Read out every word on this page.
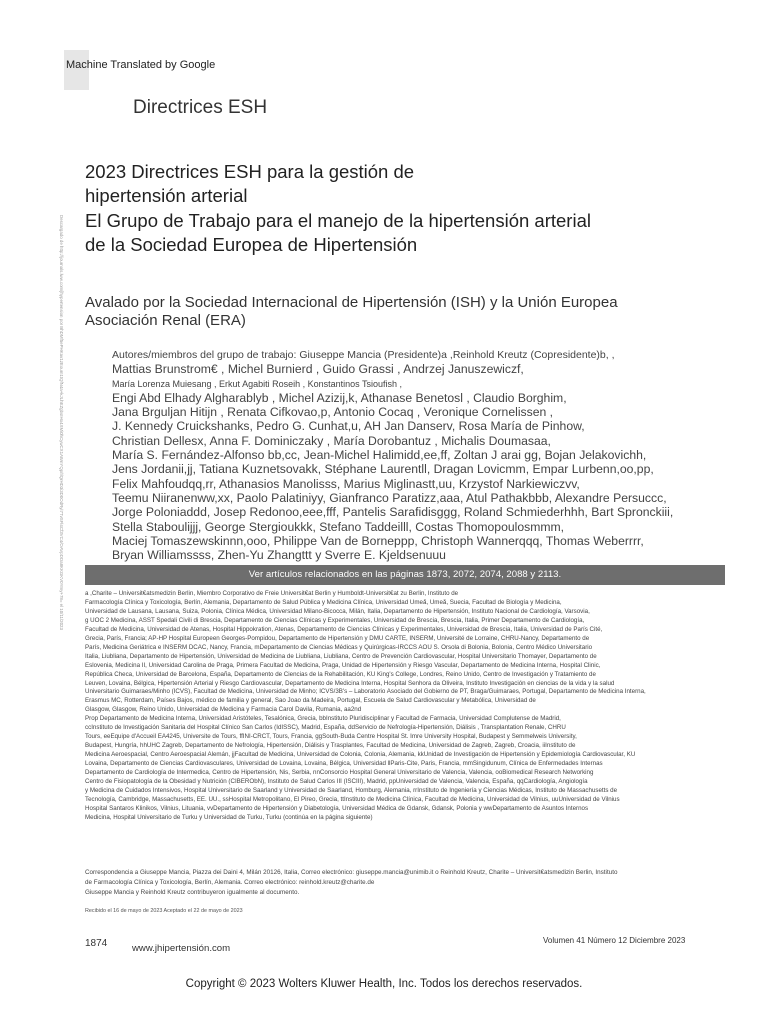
Machine Translated by Google
Directrices ESH
2023 Directrices ESH para la gestión de
hipertensión arterial
El Grupo de Trabajo para el manejo de la hipertensión arterial
de la Sociedad Europea de Hipertensión
Avalado por la Sociedad Internacional de Hipertensión (ISH) y la Unión Europea
Asociación Renal (ERA)
Autores/miembros del grupo de trabajo: Giuseppe Mancia (Presidente)a ,Reinhold Kreutz (Copresidente)b, ,
Mattias Brunstrom€ , Michel Burnierd , Guido Grassi , Andrzej Januszewiczf,
María Lorenza Muiesang , Erkut Agabiti Roseih , Konstantinos Tsioufish ,
Engi Abd Elhady Algharablyb , Michel Azizij,k, Athanase Benetosl , Claudio Borghim,
Jana Brguljan Hitijn , Renata Cifkovao,p, Antonio Cocaq , Veronique Cornelissen ,
J. Kennedy Cruickshanks, Pedro G. Cunhat,u, AH Jan Danserv, Rosa María de Pinhow,
Christian Dellesx, Anna F. Dominiczaky , María Dorobantuz , Michalis Doumasaa,
María S. Fernández-Alfonso bb,cc, Jean-Michel Halimidd,ee,ff, Zoltan J arai gg, Bojan Jelakovichh,
Jens Jordanii,jj, Tatiana Kuznetsovakk, Stéphane Laurentll, Dragan Lovicmm, Empar Lurbenn,oo,pp,
Felix Mahfoudqq,rr, Athanasios Manolisss, Marius Miglinastt,uu, Krzystof Narkiewiczvv,
Teemu Niiranenww,xx, Paolo Palatiniyy, Gianfranco Paratizz,aaa, Atul Pathakbbb, Alexandre Persuccc,
Jorge Poloniaddd, Josep Redonoo,eee,fff, Pantelis Sarafidisggg, Roland Schmiederhhh, Bart Spronckiii,
Stella Staboulijjj, George Stergioukkk, Stefano Taddeilll, Costas Thomopoulosmmm,
Maciej Tomaszewskinnn,ooo, Philippe Van de Borneppp, Christoph Wannerqqq, Thomas Weberrrr,
Bryan Williamssss, Zhen-Yu Zhangttt y Sverre E. Kjeldsenuuu
Ver artículos relacionados en las páginas 1873, 2072, 2074, 2088 y 2113.
a ,Charite – Universit€atsmedizin Berlin, Miembro Corporativo de Freie Universit€at Berlin y Humboldt-Universit€at zu Berlin, Instituto de
Farmacología Clínica y Toxicología, Berlín, Alemania, Departamento de Salud Pública y Medicina Clínica, Universidad Umeå, Umeå, Suecia, Facultad de Biología y Medicina,
Universidad de Lausana, Lausana, Suiza, Polonia, Clínica Médica, Universidad Milano-Bicocca, Milán, Italia, Departamento de Hipertensión, Instituto Nacional de Cardiología, Varsovia,
g UOC 2 Medicina, ASST Spedali Civili di Brescia, Departamento de Ciencias Clínicas y Experimentales, Universidad de Brescia, Brescia, Italia, Primer Departamento de Cardiología,
Facultad de Medicina, Universidad de Atenas, Hospital Hippokration, Atenas, Departamento de Ciencias Clínicas y Experimentales, Universidad de Brescia, Italia, Universidad de París Cité,
Grecia, París, Francia; AP-HP Hospital Europeen Georges-Pompidou, Departamento de Hipertensión y DMU CARTE, INSERM, Université de Lorraine, CHRU-Nancy, Departamento de
París, Medicina Geriátrica e INSERM DCAC, Nancy, Francia, mDepartamento de Ciencias Médicas y Quirúrgicas-IRCCS AOU S. Orsola di Bolonia, Bolonia, Centro Médico Universitario
Italia, Liubliana, Departamento de Hipertensión, Universidad de Medicina de Liubliana, Liubliana, Centro de Prevención Cardiovascular, Hospital Universitario Thomayer, Departamento de
Eslovenia, Medicina II, Universidad Carolina de Praga, Primera Facultad de Medicina, Praga, Unidad de Hipertensión y Riesgo Vascular, Departamento de Medicina Interna, Hospital Clinic,
República Checa, Universidad de Barcelona, España, Departamento de Ciencias de la Rehabilitación, KU King's College, Londres, Reino Unido, Centro de Investigación y Tratamiento de
Leuven, Lovaina, Bélgica, Hipertensión Arterial y Riesgo Cardiovascular, Departamento de Medicina Interna, Hospital Senhora da Oliveira, Instituto Investigación en ciencias de la vida y la salud
Universitario Guimaraes/Minho (ICVS), Facultad de Medicina, Universidad de Minho; ICVS/3B's – Laboratorio Asociado del Gobierno de PT, Braga/Guimaraes, Portugal, Departamento de Medicina Interna,
Erasmus MC, Rotterdam, Países Bajos, médico de familia y general, Sao Joao da Madeira, Portugal, Escuela de Salud Cardiovascular y Metabólica, Universidad de
Glasgow, Glasgow, Reino Unido, Universidad de Medicina y Farmacia Carol Davila, Rumania, aa2nd
Prop Departamento de Medicina Interna, Universidad Aristóteles, Tesalónica, Grecia, bbInstituto Pluridisciplinar y Facultad de Farmacia, Universidad Complutense de Madrid,
ccInstituto de Investigación Sanitaria del Hospital Clínico San Carlos (IdISSC), Madrid, España, ddServicio de Nefrología-Hipertensión, Diálisis , Transplantation Renale, CHRU
Tours, eeEquipe d'Accueil EA4245, Universite de Tours, ffINI-CRCT, Tours, Francia, ggSouth-Buda Centre Hospital St. Imre University Hospital, Budapest y Semmelweis University,
Budapest, Hungría, hhUHC Zagreb, Departamento de Nefrología, Hipertensión, Diálisis y Trasplantes, Facultad de Medicina, Universidad de Zagreb, Zagreb, Croacia, iiInstituto de
Medicina Aeroespacial, Centro Aeroespacial Alemán, jjFacultad de Medicina, Universidad de Colonia, Colonia, Alemania, kkUnidad de Investigación de Hipertensión y Epidemiología Cardiovascular, KU
Lovaina, Departamento de Ciencias Cardiovasculares, Universidad de Lovaina, Lovaina, Bélgica, Universidad llParis-Cite, Paris, Francia, mmSingidunum, Clínica de Enfermedades Internas
Departamento de Cardiología de Intermedica, Centro de Hipertensión, Nis, Serbia, nnConsorcio Hospital General Universitario de Valencia, Valencia, ooBiomedical Research Networking
Centro de Fisiopatología de la Obesidad y Nutrición (CIBERObN), Instituto de Salud Carlos III (ISCIII), Madrid, ppUniversidad de Valencia, Valencia, España, qqCardiología, Angiología
y Medicina de Cuidados Intensivos, Hospital Universitario de Saarland y Universidad de Saarland, Homburg, Alemania, rrInstituto de Ingeniería y Ciencias Médicas, Instituto de Massachusetts de
Tecnología, Cambridge, Massachusetts, EE. UU., ssHospital Metropolitano, El Pireo, Grecia, ttInstituto de Medicina Clínica, Facultad de Medicina, Universidad de Vilnius, uuUniversidad de Vilnius
Hospital Santaros Klinikos, Vilnius, Lituania, vvDepartamento de Hipertensión y Diabetología, Universidad Médica de Gdansk, Gdansk, Polonia y wwDepartamento de Asuntos Internos
Medicina, Hospital Universitario de Turku y Universidad de Turku, Turku (continúa en la página siguiente)
Correspondencia a Giuseppe Mancia, Piazza dei Daini 4, Milán 20126, Italia, Correo electrónico: giuseppe.mancia@unimib.it o Reinhold Kreutz, Charite – Universit€atsmedizin Berlin, Instituto
de Farmacología Clínica y Toxicología, Berlín, Alemania. Correo electrónico: reinhold.kreutz@charite.de
Giuseppe Mancia y Reinhold Kreutz contribuyeron igualmente al documento.
Recibido el 16 de mayo de 2023 Aceptado el 22 de mayo de 2023
1874	www.jhipertensión.com
Volumen 41 Número 12 Diciembre 2023
Copyright © 2023 Wolters Kluwer Health, Inc. Todos los derechos reservados.
Descargado de http://journals.lww.com/jhypertension por BhDMf5ePHKav1zEoum1tQfN4a+kJLhEZgbsIHo4XMi0hCywCX1AWnYQp/IlQrHD3i3D0OdRyi7TvSFl4Cf3VC4/OAVpDDa8KKGKV0Ymy+78= el 10/11/2023
